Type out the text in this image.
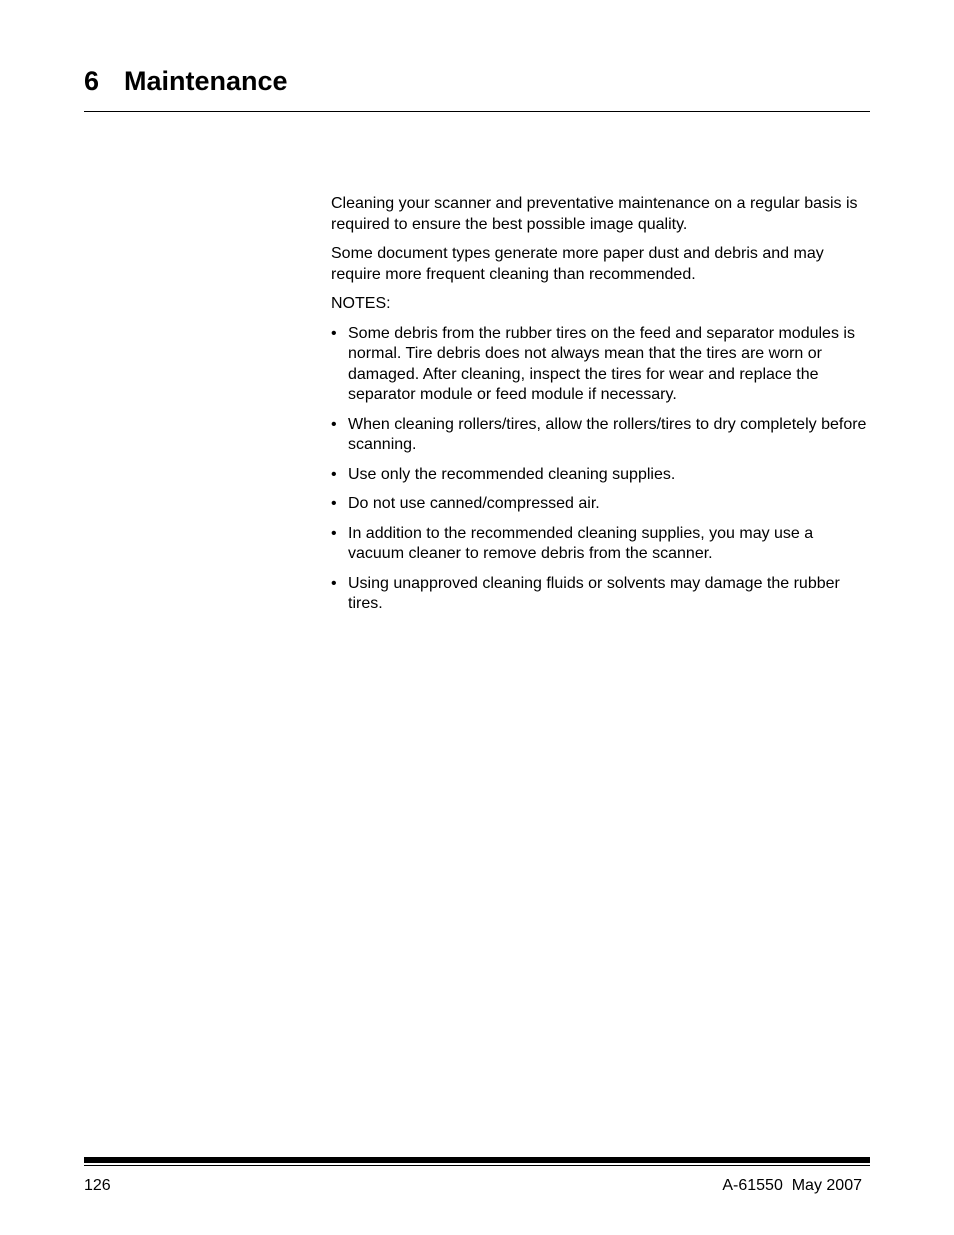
6 Maintenance

Cleaning your scanner and preventative maintenance on a regular basis is required to ensure the best possible image quality.

Some document types generate more paper dust and debris and may require more frequent cleaning than recommended.

NOTES:

• Some debris from the rubber tires on the feed and separator modules is normal. Tire debris does not always mean that the tires are worn or damaged. After cleaning, inspect the tires for wear and replace the separator module or feed module if necessary.
• When cleaning rollers/tires, allow the rollers/tires to dry completely before scanning.
• Use only the recommended cleaning supplies.
• Do not use canned/compressed air.
• In addition to the recommended cleaning supplies, you may use a vacuum cleaner to remove debris from the scanner.
• Using unapproved cleaning fluids or solvents may damage the rubber tires.
126	A-61550  May 2007
